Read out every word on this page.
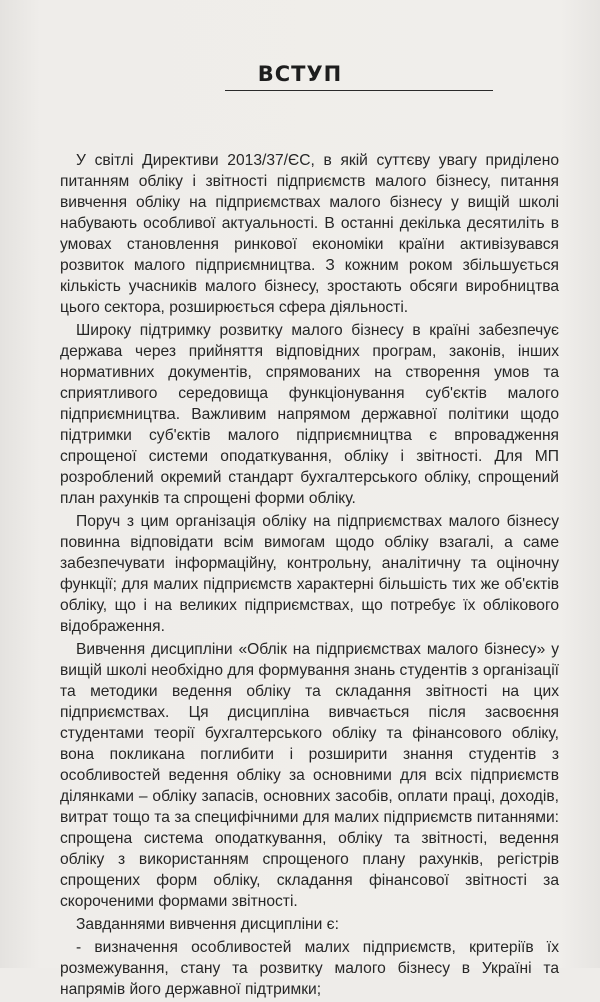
ВСТУП

У світлі Директиви 2013/37/ЄС, в якій суттєву увагу приділено питанням обліку і звітності підприємств малого бізнесу, питання вивчення обліку на підприємствах малого бізнесу у вищій школі набувають особливої актуальності. В останні декілька десятиліть в умовах становлення ринкової економіки країни активізувався розвиток малого підприємництва. З кожним роком збільшується кількість учасників малого бізнесу, зростають обсяги виробництва цього сектора, розширюється сфера діяльності.

Широку підтримку розвитку малого бізнесу в країні забезпечує держава через прийняття відповідних програм, законів, інших нормативних документів, спрямованих на створення умов та сприятливого середовища функціонування суб'єктів малого підприємництва. Важливим напрямом державної політики щодо підтримки суб'єктів малого підприємництва є впровадження спрощеної системи оподаткування, обліку і звітності. Для МП розроблений окремий стандарт бухгалтерського обліку, спрощений план рахунків та спрощені форми обліку.

Поруч з цим організація обліку на підприємствах малого бізнесу повинна відповідати всім вимогам щодо обліку взагалі, а саме забезпечувати інформаційну, контрольну, аналітичну та оціночну функції; для малих підприємств характерні більшість тих же об'єктів обліку, що і на великих підприємствах, що потребує їх облікового відображення.

Вивчення дисципліни «Облік на підприємствах малого бізнесу» у вищій школі необхідно для формування знань студентів з організації та методики ведення обліку та складання звітності на цих підприємствах. Ця дисципліна вивчається після засвоєння студентами теорії бухгалтерського обліку та фінансового обліку, вона покликана поглибити і розширити знання студентів з особливостей ведення обліку за основними для всіх підприємств ділянками – обліку запасів, основних засобів, оплати праці, доходів, витрат тощо та за специфічними для малих підприємств питаннями: спрощена система оподаткування, обліку та звітності, ведення обліку з використанням спрощеного плану рахунків, регістрів спрощених форм обліку, складання фінансової звітності за скороченими формами звітності.

Завданнями вивчення дисципліни є:

- визначення особливостей малих підприємств, критеріїв їх розмежування, стану та розвитку малого бізнесу в Україні та напрямів його державної підтримки;
